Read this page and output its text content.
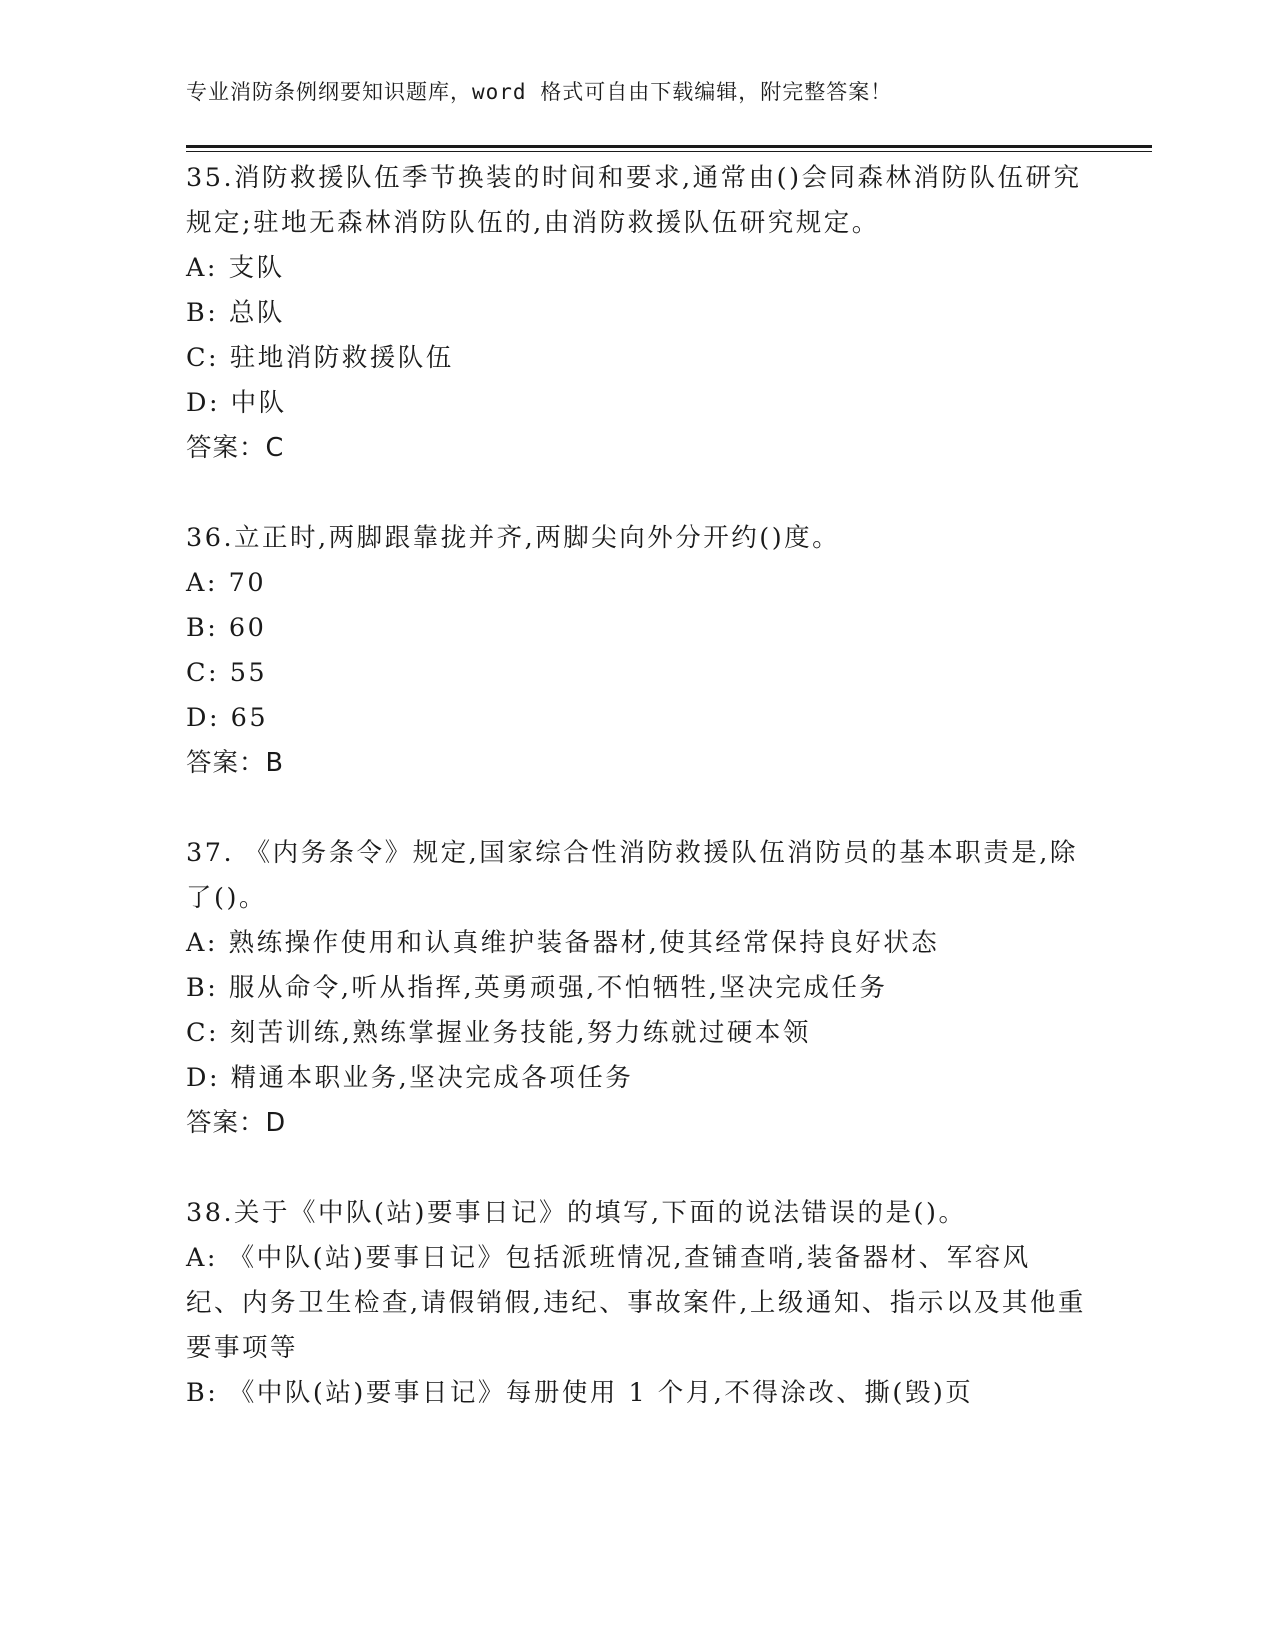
专业消防条例纲要知识题库，word 格式可自由下载编辑，附完整答案！

35.消防救援队伍季节换装的时间和要求,通常由()会同森林消防队伍研究规定;驻地无森林消防队伍的,由消防救援队伍研究规定。

A: 支队

B: 总队

C: 驻地消防救援队伍

D: 中队

答案：C

36.立正时,两脚跟靠拢并齐,两脚尖向外分开约()度。

A: 70

B: 60

C: 55

D: 65

答案：B

37. 《内务条令》规定,国家综合性消防救援队伍消防员的基本职责是,除了()。

A: 熟练操作使用和认真维护装备器材,使其经常保持良好状态

B: 服从命令,听从指挥,英勇顽强,不怕牺牲,坚决完成任务

C: 刻苦训练,熟练掌握业务技能,努力练就过硬本领

D: 精通本职业务,坚决完成各项任务

答案：D

38.关于《中队(站)要事日记》的填写,下面的说法错误的是()。

A: 《中队(站)要事日记》包括派班情况,查铺查哨,装备器材、军容风纪、内务卫生检查,请假销假,违纪、事故案件,上级通知、指示以及其他重要事项等

B: 《中队(站)要事日记》每册使用 1 个月,不得涂改、撕(毁)页
